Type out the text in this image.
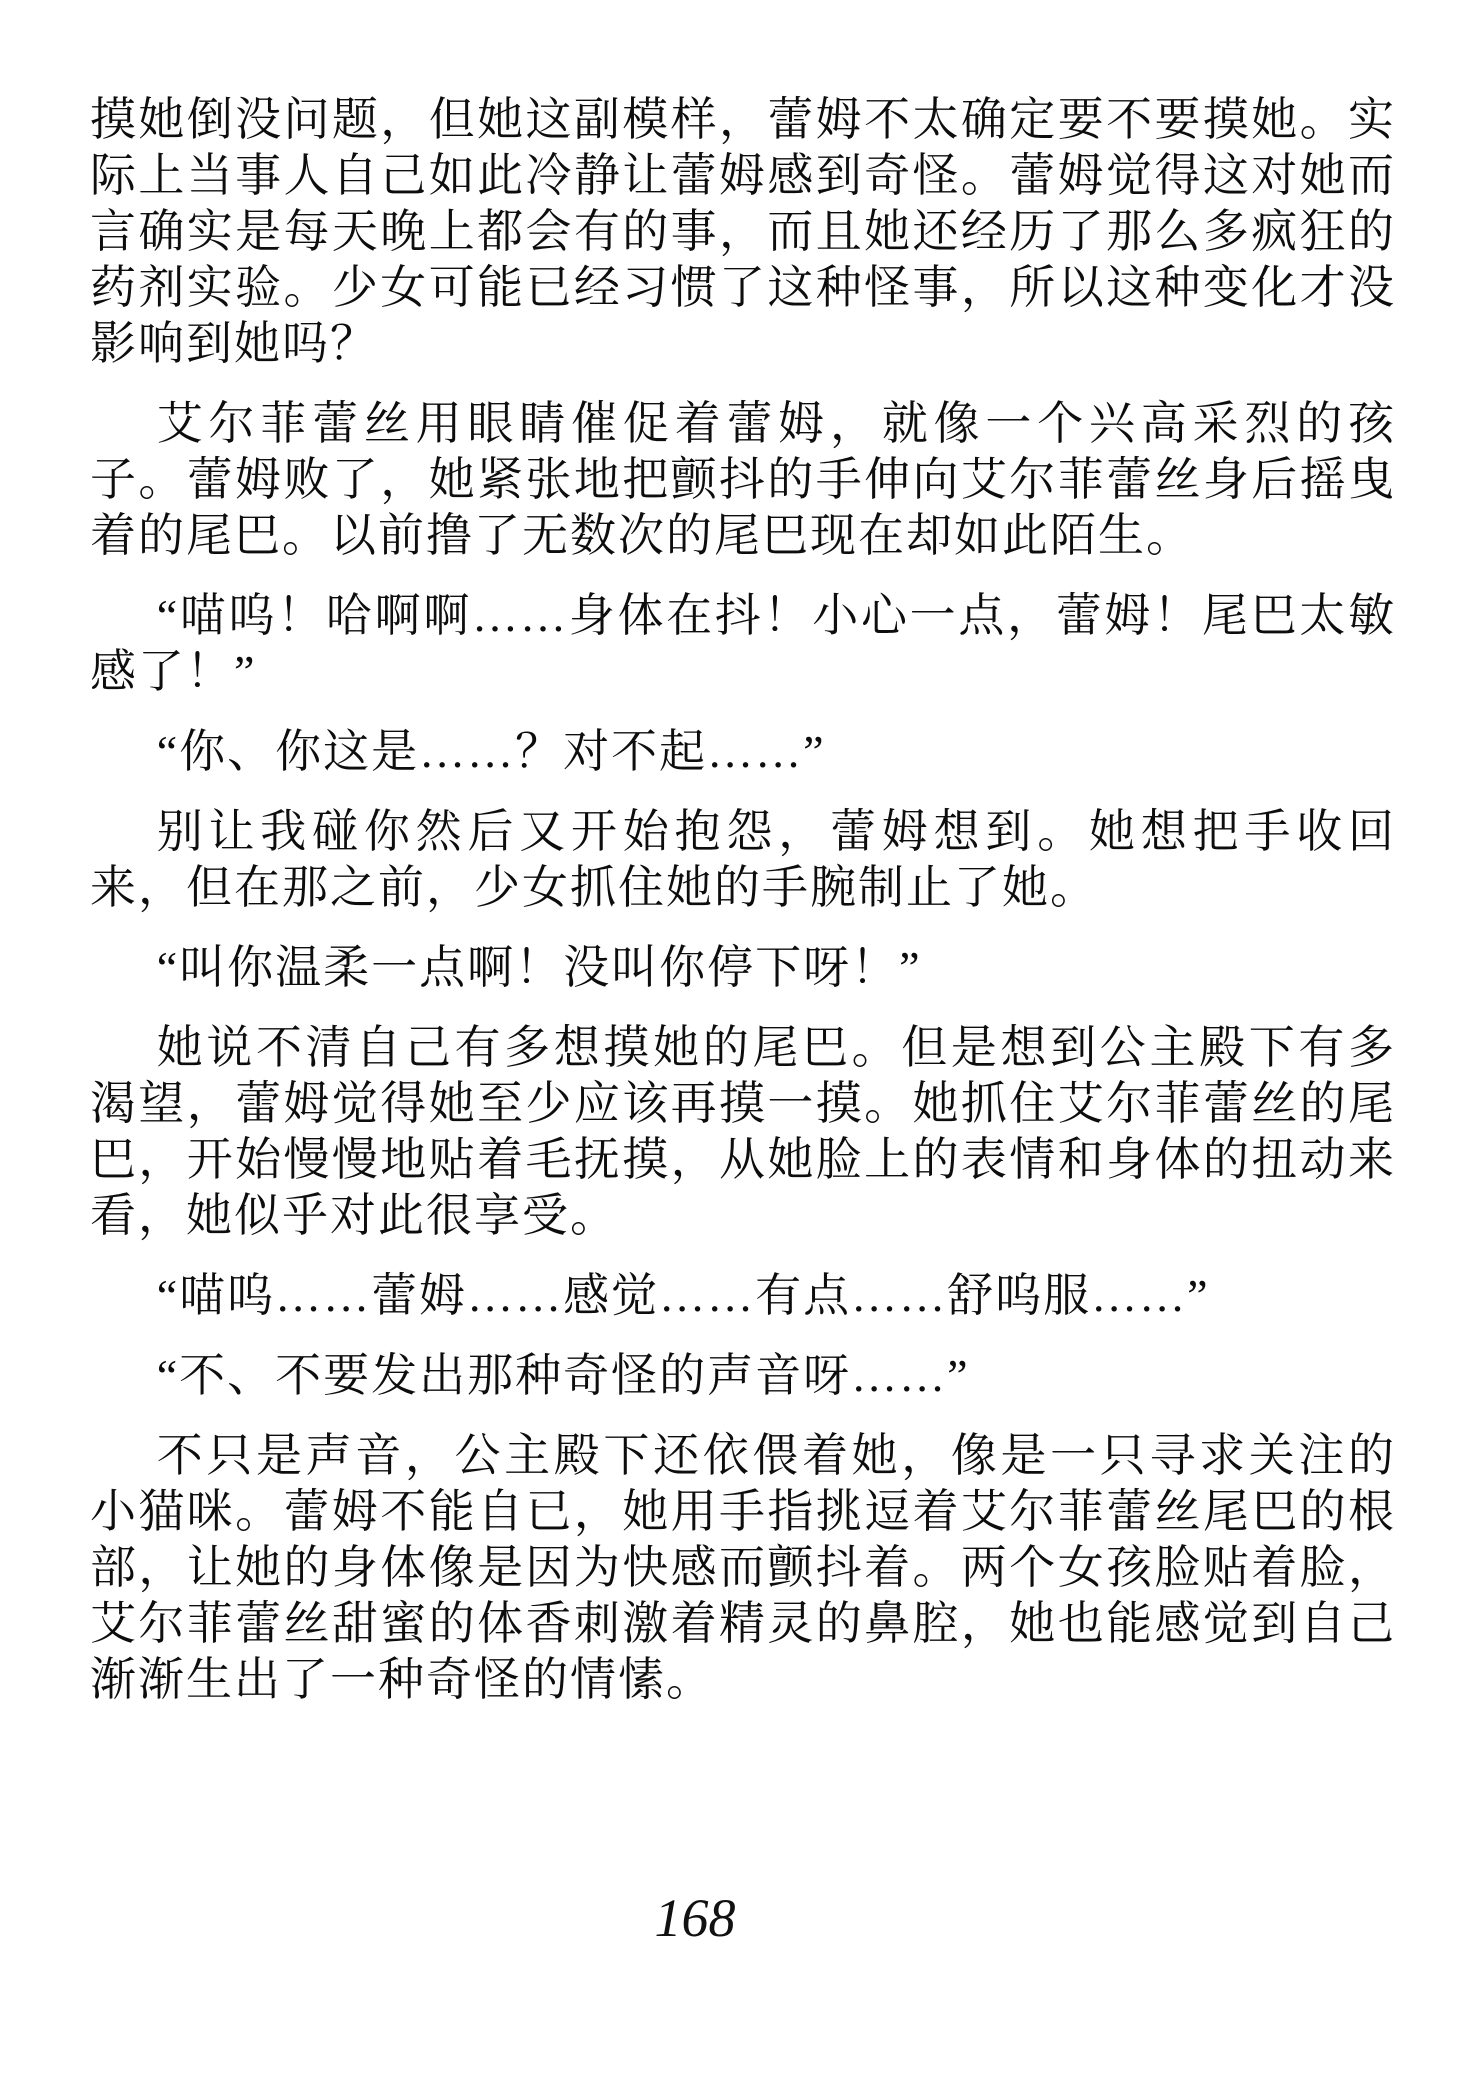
摸她倒没问题，但她这副模样，蕾姆不太确定要不要摸她。实际上当事人自己如此冷静让蕾姆感到奇怪。蕾姆觉得这对她而言确实是每天晚上都会有的事，而且她还经历了那么多疯狂的药剂实验。少女可能已经习惯了这种怪事，所以这种变化才没影响到她吗？

艾尔菲蕾丝用眼睛催促着蕾姆，就像一个兴高采烈的孩子。蕾姆败了，她紧张地把颤抖的手伸向艾尔菲蕾丝身后摇曳着的尾巴。以前撸了无数次的尾巴现在却如此陌生。

“喵呜！哈啊啊……身体在抖！小心一点，蕾姆！尾巴太敏感了！”

“你、你这是……？对不起……”

别让我碰你然后又开始抱怨，蕾姆想到。她想把手收回来，但在那之前，少女抓住她的手腕制止了她。

“叫你温柔一点啊！没叫你停下呀！”

她说不清自己有多想摸她的尾巴。但是想到公主殿下有多渴望，蕾姆觉得她至少应该再摸一摸。她抓住艾尔菲蕾丝的尾巴，开始慢慢地贴着毛抚摸，从她脸上的表情和身体的扭动来看，她似乎对此很享受。

“喵呜……蕾姆……感觉……有点……舒呜服……”

“不、不要发出那种奇怪的声音呀……”

不只是声音，公主殿下还依偎着她，像是一只寻求关注的小猫咪。蕾姆不能自已，她用手指挑逗着艾尔菲蕾丝尾巴的根部，让她的身体像是因为快感而颤抖着。两个女孩脸贴着脸，艾尔菲蕾丝甜蜜的体香刺激着精灵的鼻腔，她也能感觉到自己渐渐生出了一种奇怪的情愫。

168
